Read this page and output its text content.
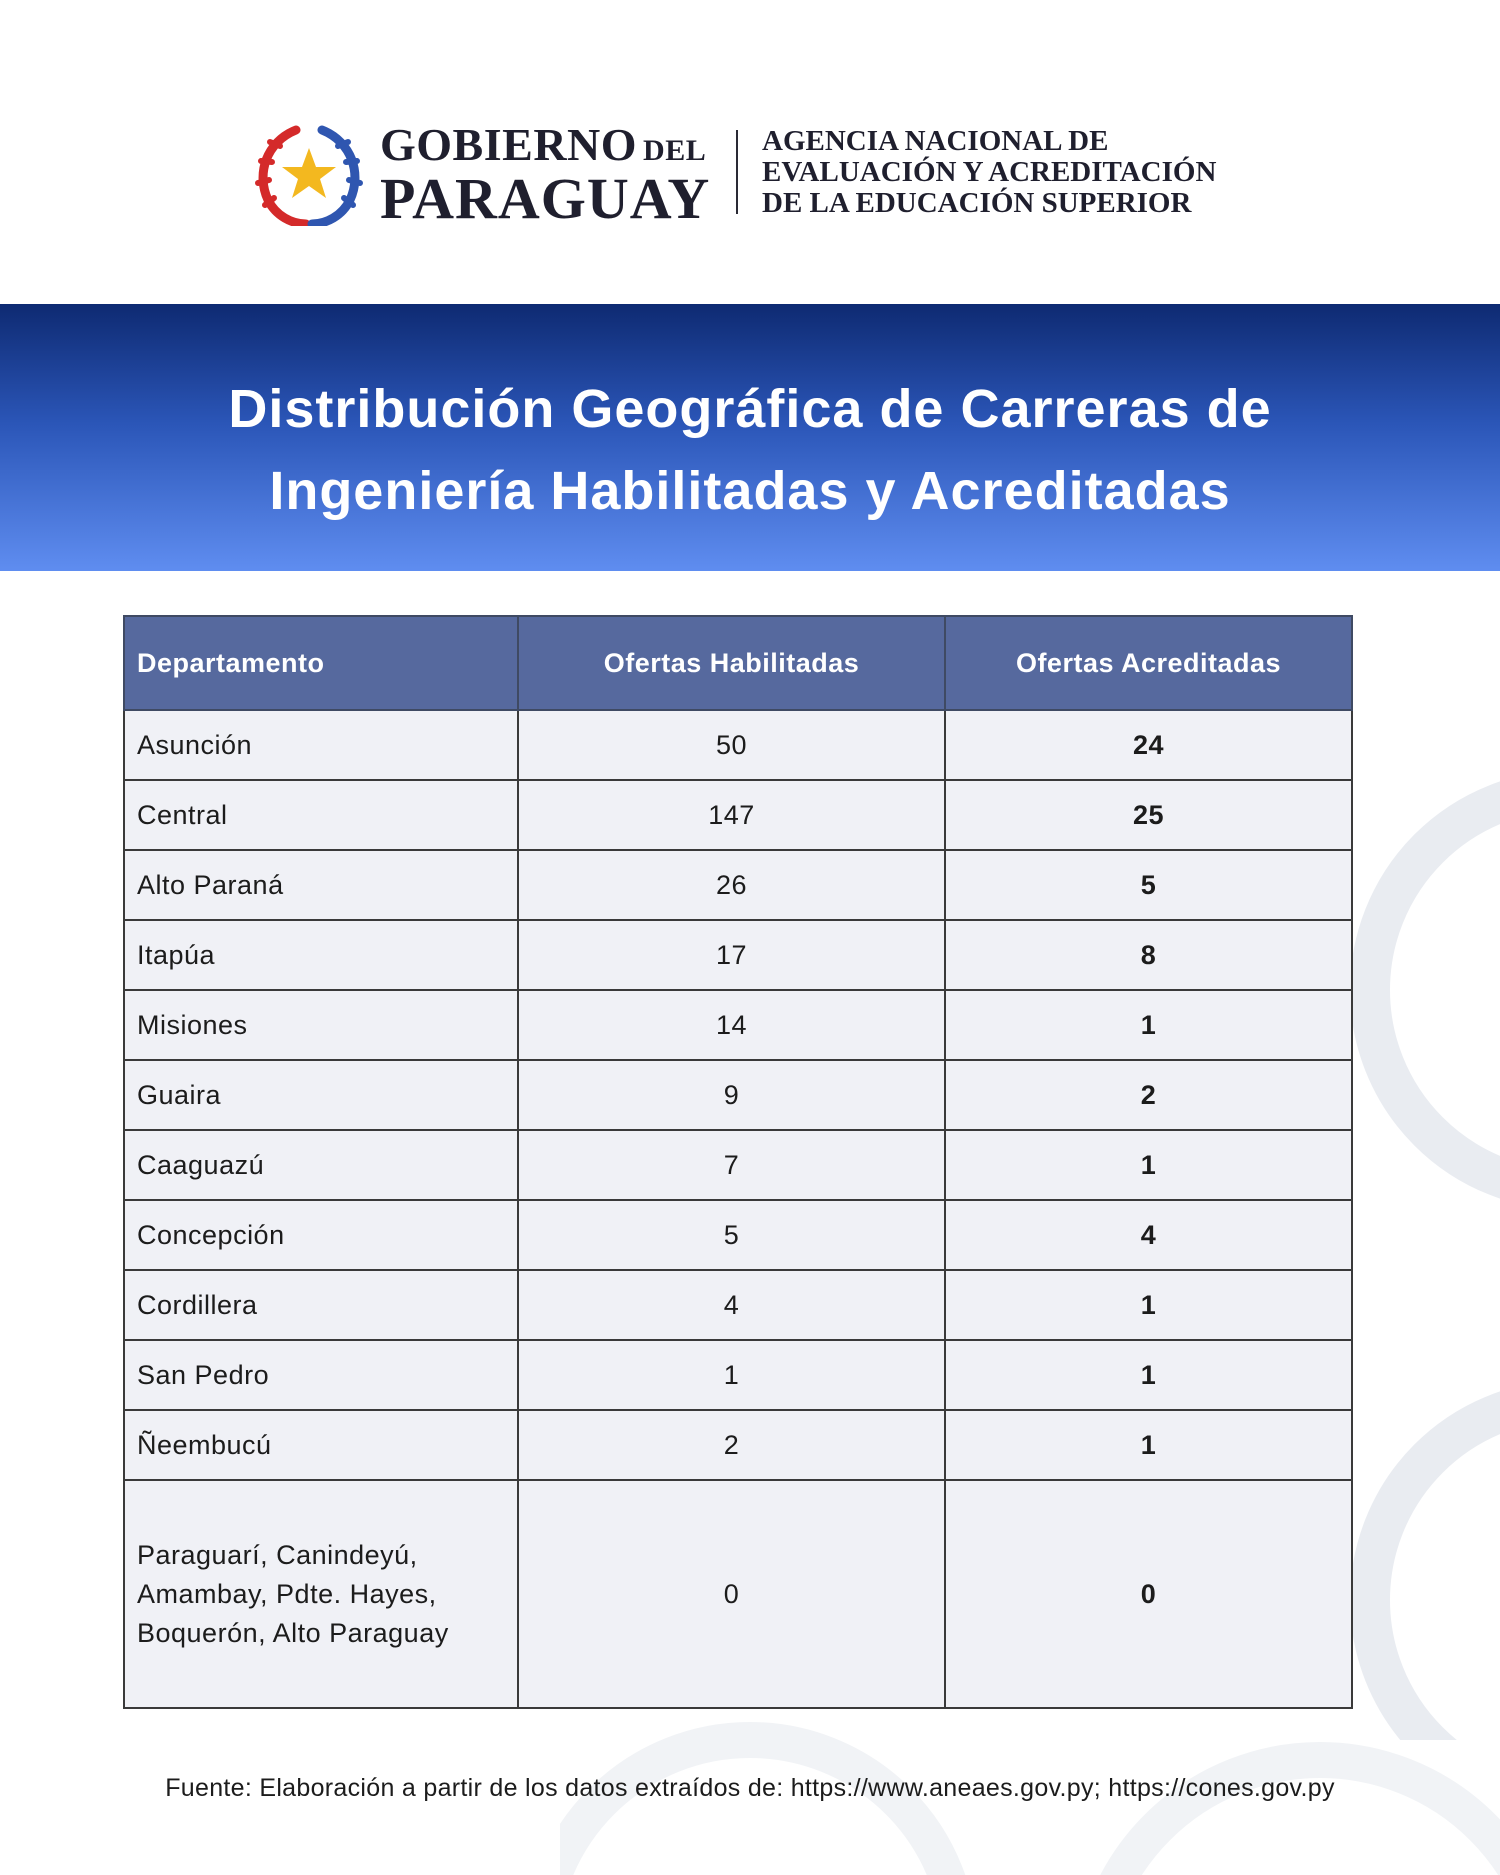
GOBIERNO DEL
PARAGUAY
AGENCIA NACIONAL DE
EVALUACIÓN Y ACREDITACIÓN
DE LA EDUCACIÓN SUPERIOR
Distribución Geográfica de Carreras de
Ingeniería Habilitadas y Acreditadas
Departamento	Ofertas Habilitadas	Ofertas Acreditadas
Asunción	50	24
Central	147	25
Alto Paraná	26	5
Itapúa	17	8
Misiones	14	1
Guaira	9	2
Caaguazú	7	1
Concepción	5	4
Cordillera	4	1
San Pedro	1	1
Ñeembucú	2	1

Paraguarí, Canindeyú,
Amambay, Pdte. Hayes,
Boquerón, Alto Paraguay	0	0
Fuente: Elaboración a partir de los datos extraídos de: https://www.aneaes.gov.py; https://cones.gov.py
